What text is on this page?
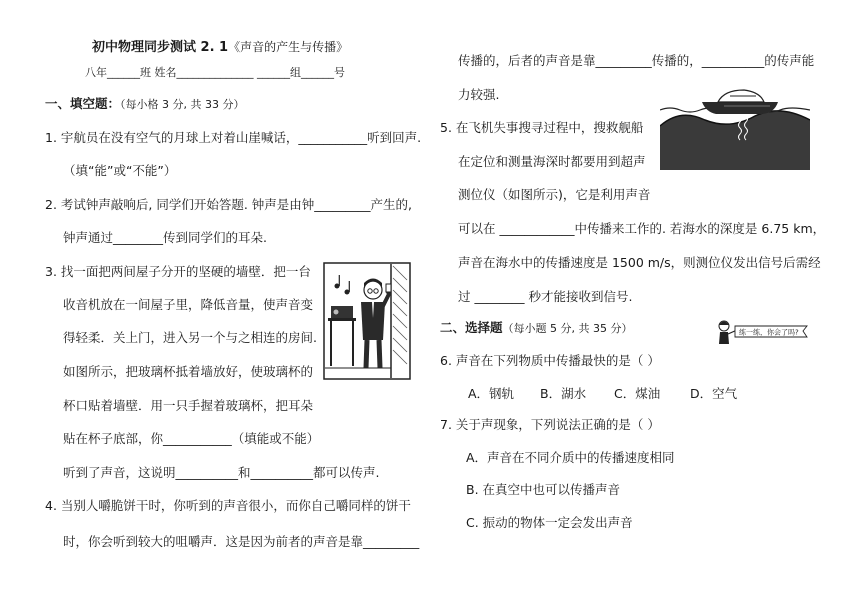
初中物理同步测试 2. 1《声音的产生与传播》
八年______班 姓名______________ ______组______号
一、填空题：（每小格 3 分, 共 33 分）
1. 宇航员在没有空气的月球上对着山崖喊话，___________听到回声.
（填“能”或“不能”）
2. 考试钟声敲响后, 同学们开始答题. 钟声是由钟_________产生的,
钟声通过________传到同学们的耳朵.
3. 找一面把两间屋子分开的坚硬的墙壁．把一台
收音机放在一间屋子里，降低音量，使声音变
得轻柔．关上门，进入另一个与之相连的房间.
如图所示，把玻璃杯抵着墙放好，使玻璃杯的
杯口贴着墙壁．用一只手握着玻璃杯，把耳朵
贴在杯子底部，你___________（填能或不能）
听到了声音，这说明__________和__________都可以传声.
4. 当别人嚼脆饼干时，你听到的声音很小，而你自己嚼同样的饼干
时，你会听到较大的咀嚼声．这是因为前者的声音是靠_________
传播的，后者的声音是靠_________传播的，__________的传声能
力较强.
5. 在飞机失事搜寻过程中，搜救舰船
在定位和测量海深时都要用到超声
测位仪（如图所示)，它是利用声音
可以在 ____________中传播来工作的. 若海水的深度是 6.75 km，
声音在海水中的传播速度是 1500 m/s，则测位仪发出信号后需经
过 ________ 秒才能接收到信号.
二、选择题（每小题 5 分, 共 35 分）	练一练，你会了吗?
6. 声音在下列物质中传播最快的是（ ）
A．钢轨 B．湖水 C．煤油 D．空气
7. 关于声现象，下列说法正确的是（ ）
A．声音在不同介质中的传播速度相同
B. 在真空中也可以传播声音
C. 振动的物体一定会发出声音
